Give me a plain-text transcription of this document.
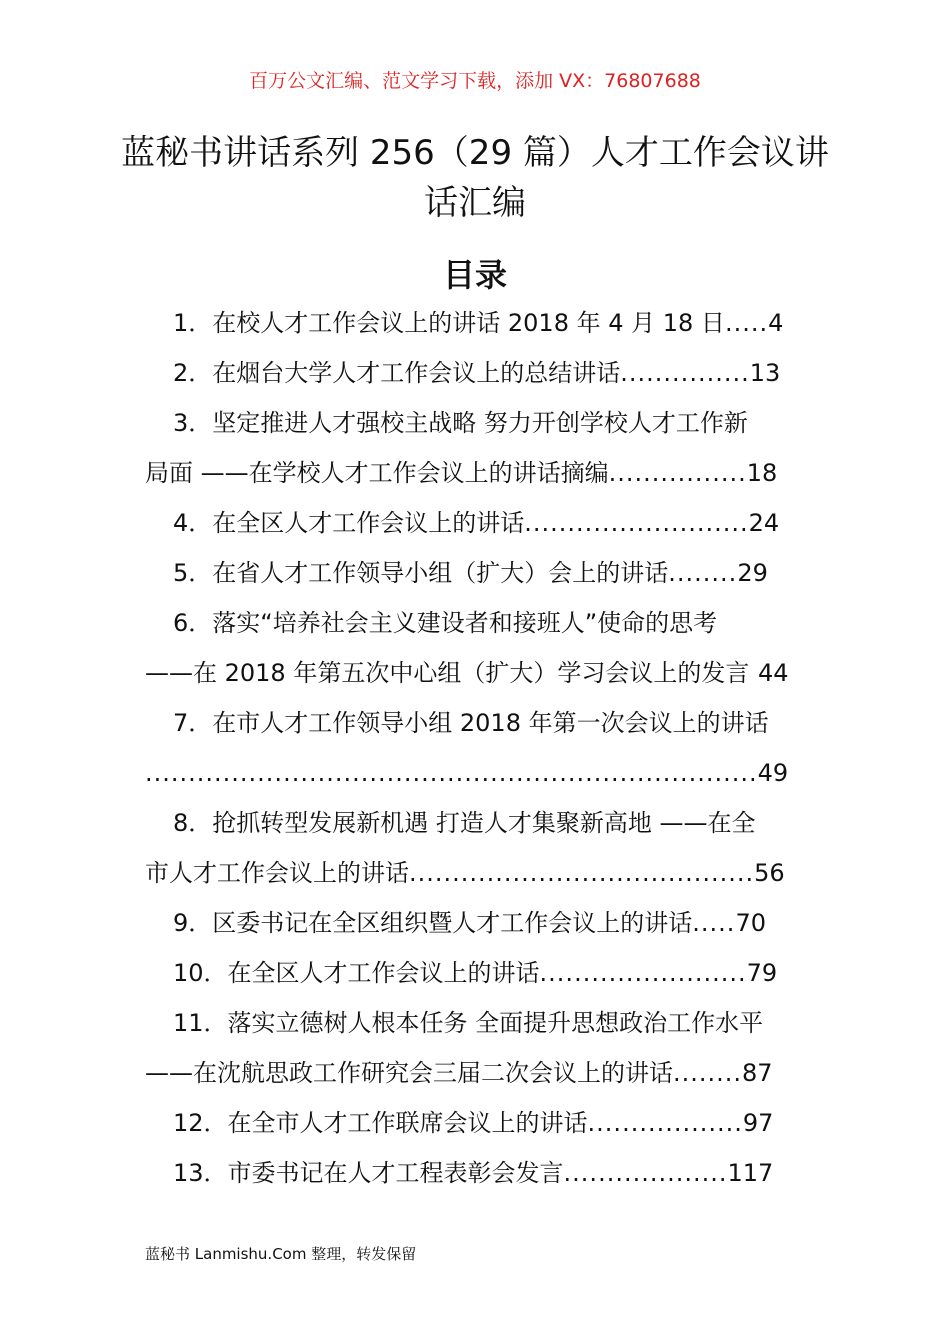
百万公文汇编、范文学习下载，添加 VX：76807688
蓝秘书讲话系列 256（29 篇）人才工作会议讲话汇编
目录
1．在校人才工作会议上的讲话 2018 年 4 月 18 日.....4
2．在烟台大学人才工作会议上的总结讲话...............13
3．坚定推进人才强校主战略 努力开创学校人才工作新
局面 ——在学校人才工作会议上的讲话摘编................18
4．在全区人才工作会议上的讲话..........................24
5．在省人才工作领导小组（扩大）会上的讲话........29
6．落实“培养社会主义建设者和接班人”使命的思考
——在 2018 年第五次中心组（扩大）学习会议上的发言 44
7．在市人才工作领导小组 2018 年第一次会议上的讲话
.......................................................................49
8．抢抓转型发展新机遇 打造人才集聚新高地 ——在全
市人才工作会议上的讲话........................................56
9．区委书记在全区组织暨人才工作会议上的讲话.....70
10．在全区人才工作会议上的讲话........................79
11．落实立德树人根本任务 全面提升思想政治工作水平
——在沈航思政工作研究会三届二次会议上的讲话........87
12．在全市人才工作联席会议上的讲话..................97
13．市委书记在人才工程表彰会发言...................117
蓝秘书 Lanmishu.Com 整理，转发保留
